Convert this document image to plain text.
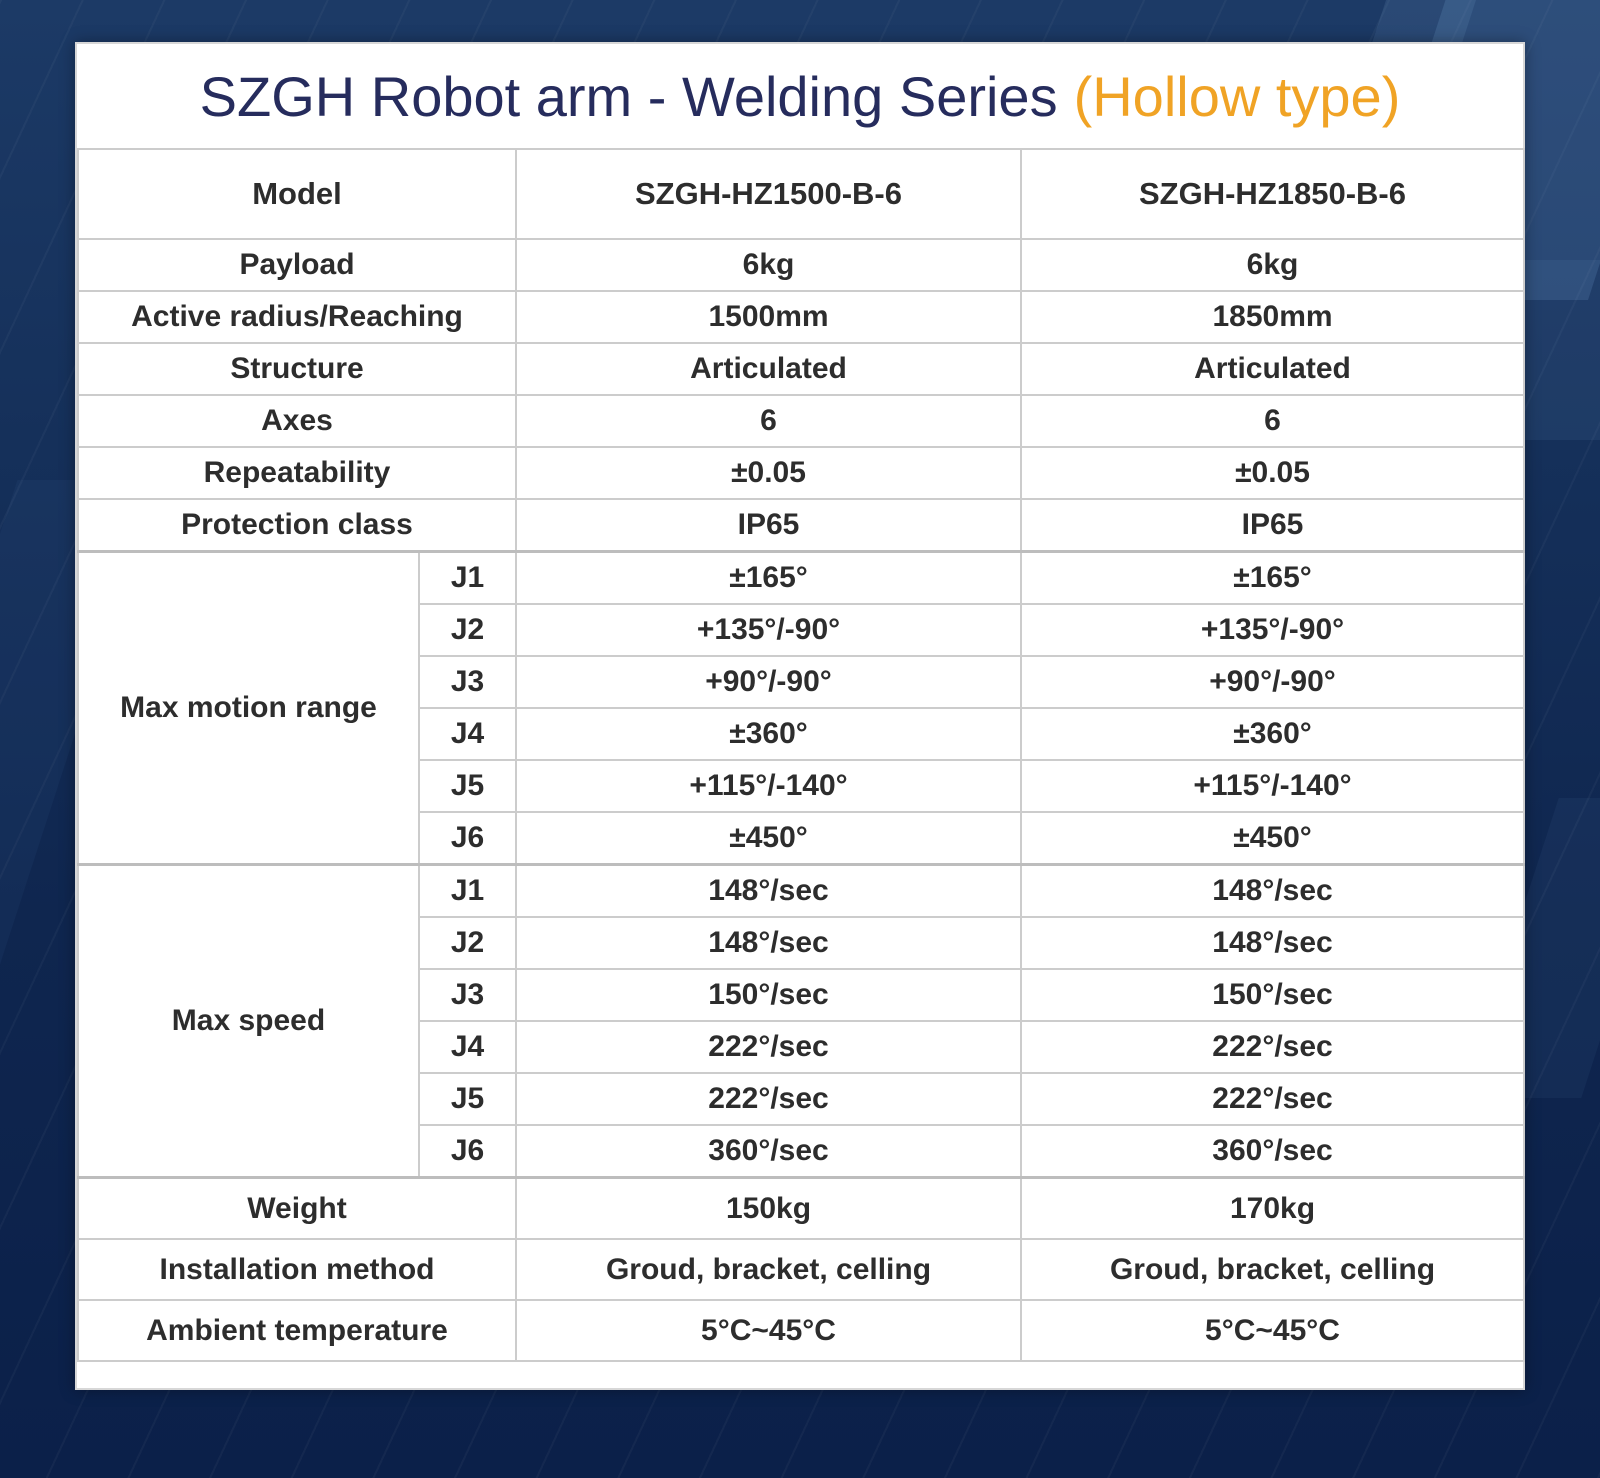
SZGH Robot arm - Welding Series (Hollow type)
Model		SZGH-HZ1500-B-6	SZGH-HZ1850-B-6
Payload		6kg	6kg
Active radius/Reaching		1500mm	1850mm
Structure		Articulated	Articulated
Axes		6	6
Repeatability		±0.05	±0.05
Protection class		IP65	IP65
Max motion range	J1	±165°	±165°
	J2	+135°/-90°	+135°/-90°
	J3	+90°/-90°	+90°/-90°
	J4	±360°	±360°
	J5	+115°/-140°	+115°/-140°
	J6	±450°	±450°
Max speed	J1	148°/sec	148°/sec
	J2	148°/sec	148°/sec
	J3	150°/sec	150°/sec
	J4	222°/sec	222°/sec
	J5	222°/sec	222°/sec
	J6	360°/sec	360°/sec
Weight		150kg	170kg
Installation method		Groud, bracket, celling	Groud, bracket, celling
Ambient temperature		5°C~45°C	5°C~45°C
